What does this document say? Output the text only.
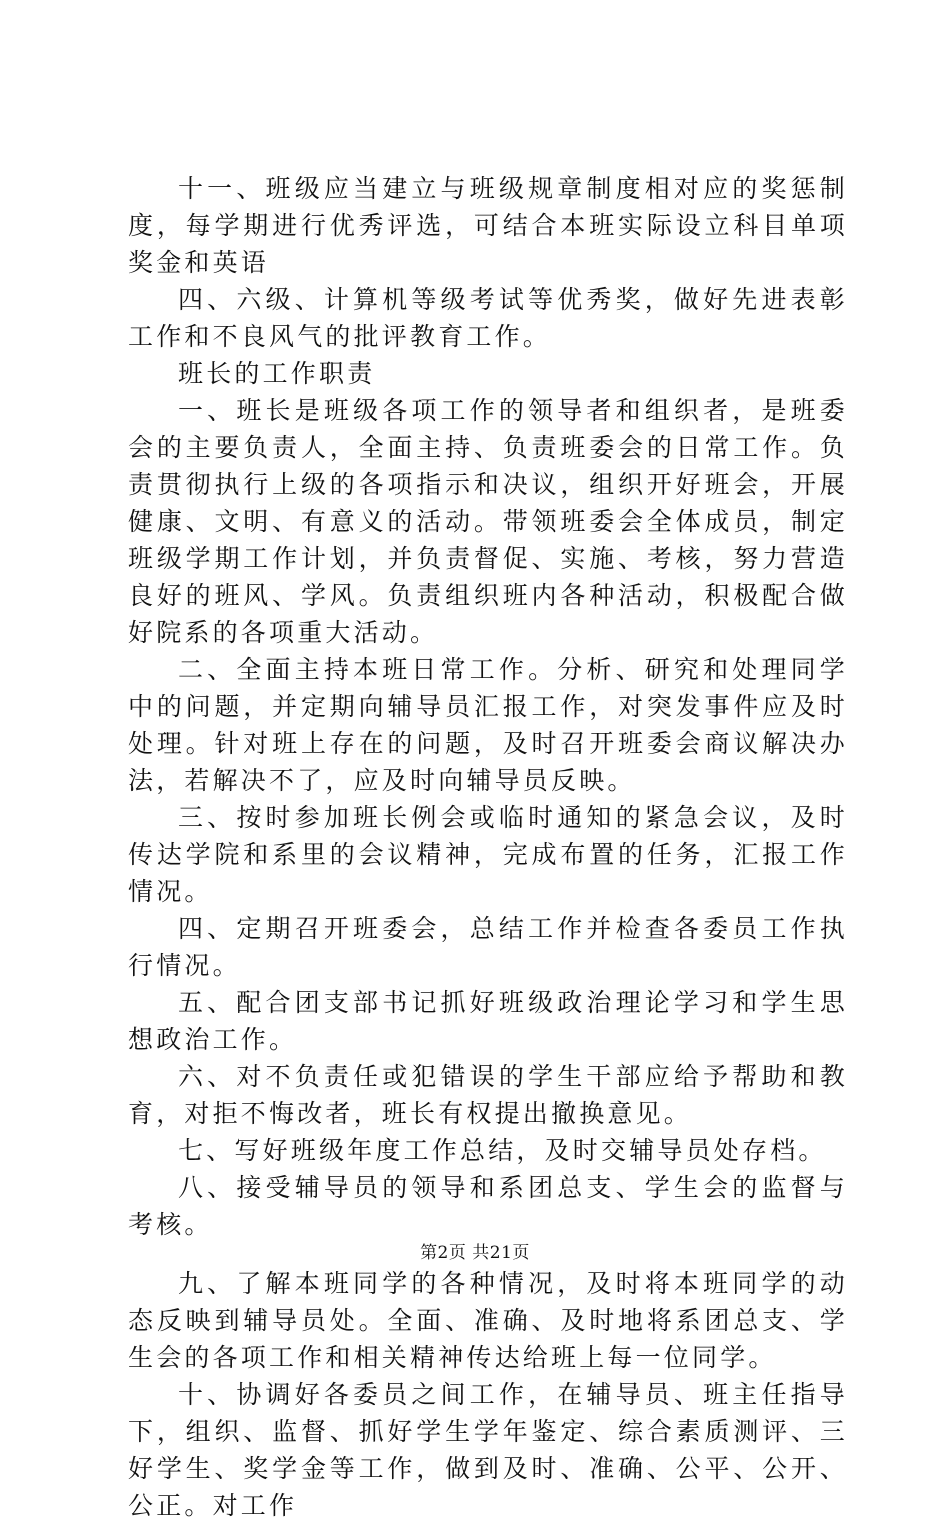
十一、班级应当建立与班级规章制度相对应的奖惩制度，每学期进行优秀评选，可结合本班实际设立科目单项奖金和英语

四、六级、计算机等级考试等优秀奖，做好先进表彰工作和不良风气的批评教育工作。

班长的工作职责

一、班长是班级各项工作的领导者和组织者，是班委会的主要负责人，全面主持、负责班委会的日常工作。负责贯彻执行上级的各项指示和决议，组织开好班会，开展健康、文明、有意义的活动。带领班委会全体成员，制定班级学期工作计划，并负责督促、实施、考核，努力营造良好的班风、学风。负责组织班内各种活动，积极配合做好院系的各项重大活动。

二、全面主持本班日常工作。分析、研究和处理同学中的问题，并定期向辅导员汇报工作，对突发事件应及时处理。针对班上存在的问题，及时召开班委会商议解决办法，若解决不了，应及时向辅导员反映。

三、按时参加班长例会或临时通知的紧急会议，及时传达学院和系里的会议精神，完成布置的任务，汇报工作情况。

四、定期召开班委会，总结工作并检查各委员工作执行情况。

五、配合团支部书记抓好班级政治理论学习和学生思想政治工作。

六、对不负责任或犯错误的学生干部应给予帮助和教育，对拒不悔改者，班长有权提出撤换意见。

七、写好班级年度工作总结，及时交辅导员处存档。

八、接受辅导员的领导和系团总支、学生会的监督与考核。

九、了解本班同学的各种情况，及时将本班同学的动态反映到辅导员处。全面、准确、及时地将系团总支、学生会的各项工作和相关精神传达给班上每一位同学。

十、协调好各委员之间工作，在辅导员、班主任指导下，组织、监督、抓好学生学年鉴定、综合素质测评、三好学生、奖学金等工作，做到及时、准确、公平、公开、公正。对工作

第2页 共21页
